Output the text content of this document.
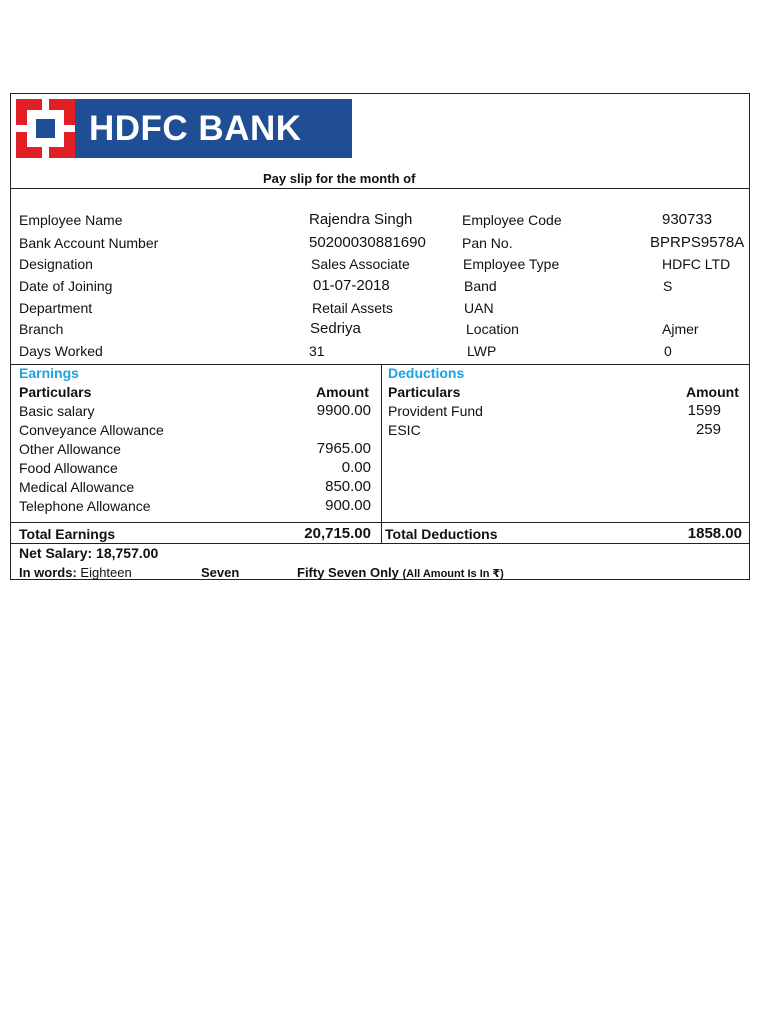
HDFC BANK
Pay slip for the month of
Employee Name	Rajendra Singh	Employee Code	930733
Bank Account Number	50200030881690	Pan No.	BPRPS9578A
Designation	Sales Associate	Employee Type	HDFC LTD
Date of Joining	01-07-2018	Band	S
Department	Retail Assets	UAN
Branch	Sedriya	Location	Ajmer
Days Worked	31	LWP	0
Earnings
Particulars	Amount
Basic salary	9900.00
Conveyance Allowance
Other Allowance	7965.00
Food Allowance	0.00
Medical Allowance	850.00
Telephone Allowance	900.00
Deductions
Particulars	Amount
Provident Fund	1599
ESIC	259
Total Earnings	20,715.00 Total Deductions	1858.00
Net Salary: 18,757.00
In words: Eighteen	Seven	Fifty Seven Only (All Amount Is In ₹)
